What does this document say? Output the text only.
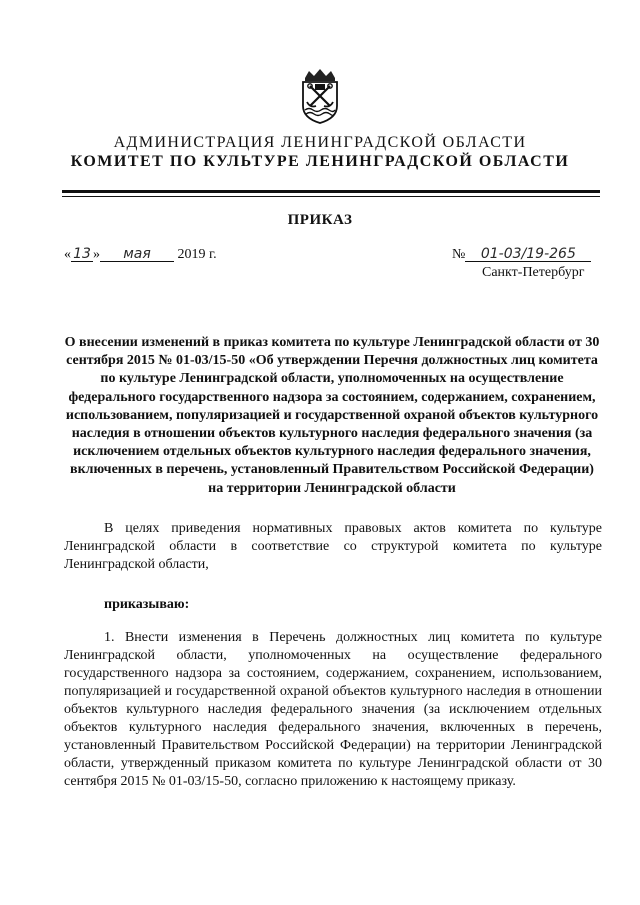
АДМИНИСТРАЦИЯ ЛЕНИНГРАДСКОЙ ОБЛАСТИ
КОМИТЕТ ПО КУЛЬТУРЕ ЛЕНИНГРАДСКОЙ ОБЛАСТИ
ПРИКАЗ
« 13 » мая 2019 г.	№ 01-03/19-265
Санкт-Петербург
О внесении изменений в приказ комитета по культуре Ленинградской области от 30 сентября 2015 № 01-03/15-50 «Об утверждении Перечня должностных лиц комитета по культуре Ленинградской области, уполномоченных на осуществление федерального государственного надзора за состоянием, содержанием, сохранением, использованием, популяризацией и государственной охраной объектов культурного наследия в отношении объектов культурного наследия федерального значения (за исключением отдельных объектов культурного наследия федерального значения, включенных в перечень, установленный Правительством Российской Федерации) на территории Ленинградской области

В целях приведения нормативных правовых актов комитета по культуре Ленинградской области в соответствие со структурой комитета по культуре Ленинградской области,

приказываю:

1. Внести изменения в Перечень должностных лиц комитета по культуре Ленинградской области, уполномоченных на осуществление федерального государственного надзора за состоянием, содержанием, сохранением, использованием, популяризацией и государственной охраной объектов культурного наследия в отношении объектов культурного наследия федерального значения (за исключением отдельных объектов культурного наследия федерального значения, включенных в перечень, установленный Правительством Российской Федерации) на территории Ленинградской области, утвержденный приказом комитета по культуре Ленинградской области от 30 сентября 2015 № 01-03/15-50, согласно приложению к настоящему приказу.
